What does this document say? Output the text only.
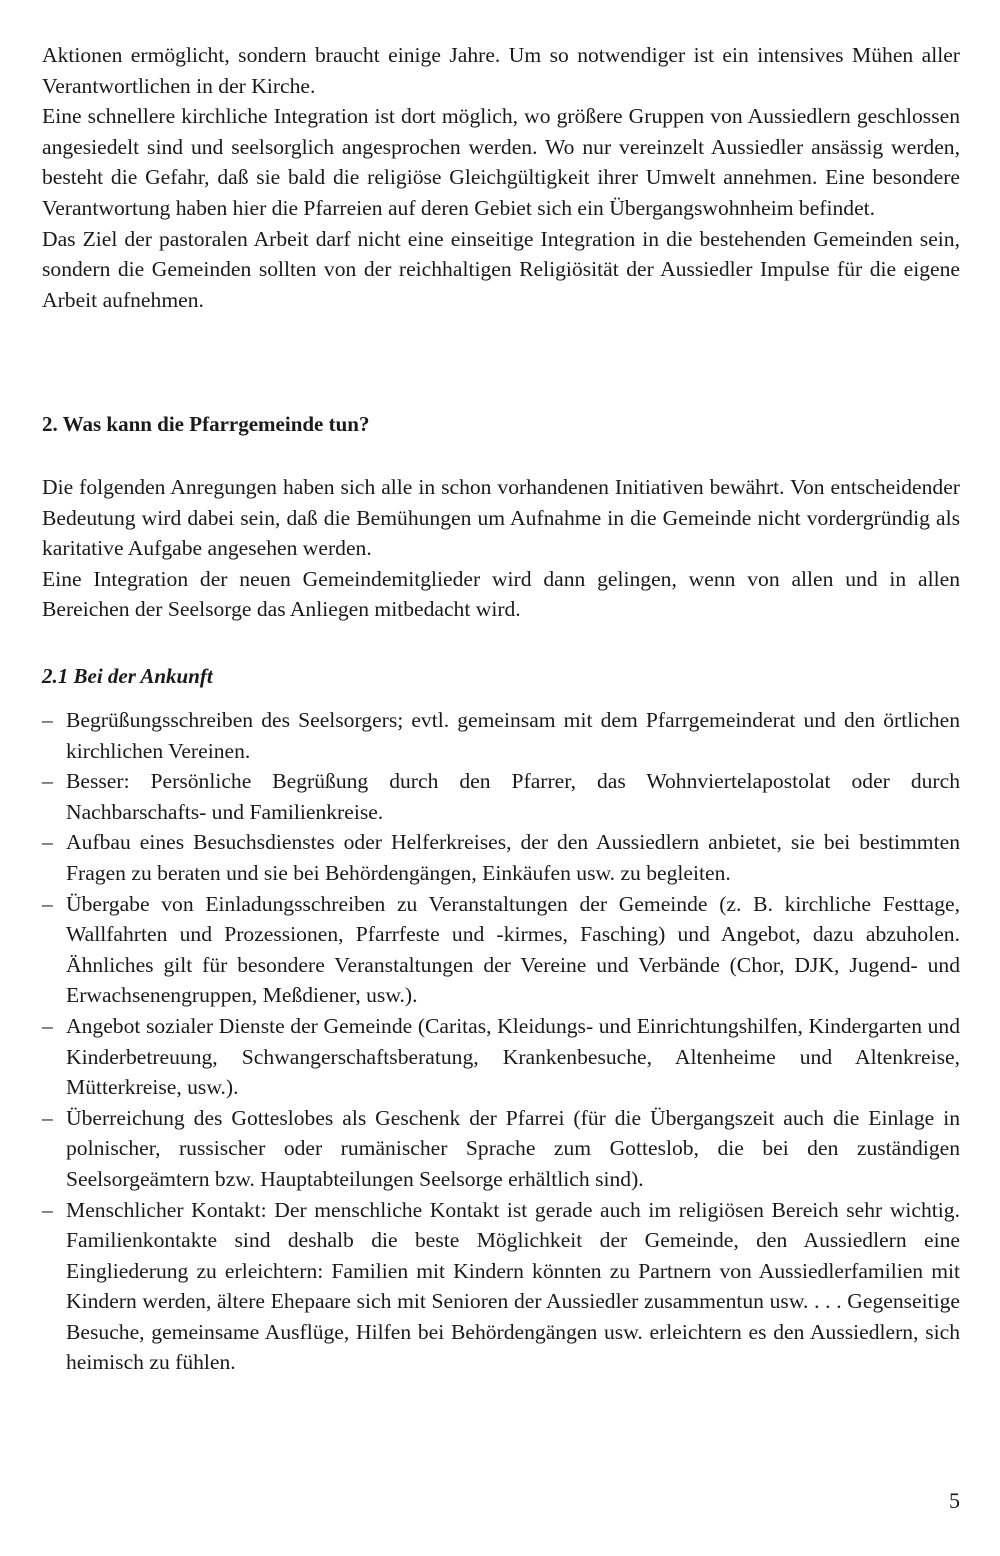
Aktionen ermöglicht, sondern braucht einige Jahre. Um so notwendiger ist ein intensives Mühen aller Verantwortlichen in der Kirche.

Eine schnellere kirchliche Integration ist dort möglich, wo größere Gruppen von Aussiedlern geschlossen angesiedelt sind und seelsorglich angesprochen werden. Wo nur vereinzelt Aussiedler ansässig werden, besteht die Gefahr, daß sie bald die religiöse Gleichgültigkeit ihrer Umwelt annehmen. Eine besondere Verantwortung haben hier die Pfarreien auf deren Gebiet sich ein Übergangswohnheim befindet.

Das Ziel der pastoralen Arbeit darf nicht eine einseitige Integration in die bestehenden Gemeinden sein, sondern die Gemeinden sollten von der reichhaltigen Religiösität der Aussiedler Impulse für die eigene Arbeit aufnehmen.

2. Was kann die Pfarrgemeinde tun?

Die folgenden Anregungen haben sich alle in schon vorhandenen Initiativen bewährt. Von entscheidender Bedeutung wird dabei sein, daß die Bemühungen um Aufnahme in die Gemeinde nicht vordergründig als karitative Aufgabe angesehen werden.

Eine Integration der neuen Gemeindemitglieder wird dann gelingen, wenn von allen und in allen Bereichen der Seelsorge das Anliegen mitbedacht wird.

2.1 Bei der Ankunft
– Begrüßungsschreiben des Seelsorgers; evtl. gemeinsam mit dem Pfarrgemeinderat und den örtlichen kirchlichen Vereinen.
– Besser: Persönliche Begrüßung durch den Pfarrer, das Wohnviertelapostolat oder durch Nachbarschafts- und Familienkreise.
– Aufbau eines Besuchsdienstes oder Helferkreises, der den Aussiedlern anbietet, sie bei bestimmten Fragen zu beraten und sie bei Behördengängen, Einkäufen usw. zu begleiten.
– Übergabe von Einladungsschreiben zu Veranstaltungen der Gemeinde (z. B. kirchliche Festtage, Wallfahrten und Prozessionen, Pfarrfeste und -kirmes, Fasching) und Angebot, dazu abzuholen. Ähnliches gilt für besondere Veranstaltungen der Vereine und Verbände (Chor, DJK, Jugend- und Erwachsenengruppen, Meßdiener, usw.).
– Angebot sozialer Dienste der Gemeinde (Caritas, Kleidungs- und Einrichtungshilfen, Kindergarten und Kinderbetreuung, Schwangerschaftsberatung, Krankenbesuche, Altenheime und Altenkreise, Mütterkreise, usw.).
– Überreichung des Gotteslobes als Geschenk der Pfarrei (für die Übergangszeit auch die Einlage in polnischer, russischer oder rumänischer Sprache zum Gotteslob, die bei den zuständigen Seelsorgeämtern bzw. Hauptabteilungen Seelsorge erhältlich sind).
– Menschlicher Kontakt: Der menschliche Kontakt ist gerade auch im religiösen Bereich sehr wichtig. Familienkontakte sind deshalb die beste Möglichkeit der Gemeinde, den Aussiedlern eine Eingliederung zu erleichtern: Familien mit Kindern könnten zu Partnern von Aussiedlerfamilien mit Kindern werden, ältere Ehepaare sich mit Senioren der Aussiedler zusammentun usw. . . . Gegenseitige Besuche, gemeinsame Ausflüge, Hilfen bei Behördengängen usw. erleichtern es den Aussiedlern, sich heimisch zu fühlen.
5
